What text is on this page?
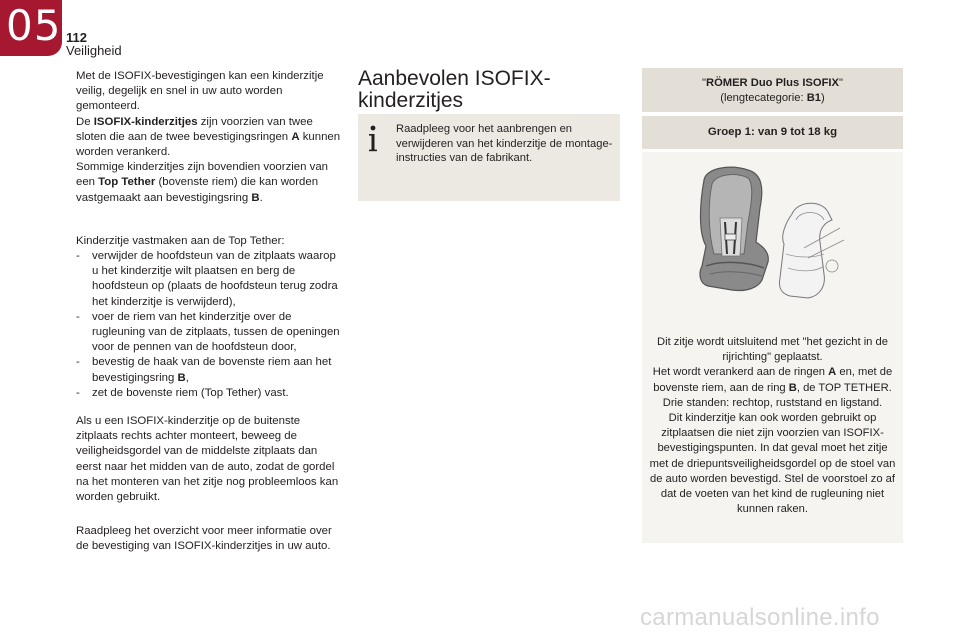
05 112
Veiligheid

Met de ISOFIX-bevestigingen kan een kinderzitje veilig, degelijk en snel in uw auto worden gemonteerd.
De ISOFIX-kinderzitjes zijn voorzien van twee sloten die aan de twee bevestigingsringen A kunnen worden verankerd.
Sommige kinderzitjes zijn bovendien voorzien van een Top Tether (bovenste riem) die kan worden vastgemaakt aan bevestigingsring B.

Kinderzitje vastmaken aan de Top Tether:
- verwijder de hoofdsteun van de zitplaats waarop u het kinderzitje wilt plaatsen en berg de hoofdsteun op (plaats de hoofdsteun terug zodra het kinderzitje is verwijderd),
- voer de riem van het kinderzitje over de rugleuning van de zitplaats, tussen de openingen voor de pennen van de hoofdsteun door,
- bevestig de haak van de bovenste riem aan het bevestigingsring B,
- zet de bovenste riem (Top Tether) vast.

Als u een ISOFIX-kinderzitje op de buitenste zitplaats rechts achter monteert, beweeg de veiligheidsgordel van de middelste zitplaats dan eerst naar het midden van de auto, zodat de gordel na het monteren van het zitje nog probleemloos kan worden gebruikt.

Raadpleeg het overzicht voor meer informatie over de bevestiging van ISOFIX-kinderzitjes in uw auto.

Aanbevolen ISOFIX-kinderzitjes
Raadpleeg voor het aanbrengen en verwijderen van het kinderzitje de montage-instructies van de fabrikant.
"RÖMER Duo Plus ISOFIX"
(lengtecategorie: B1)
Groep 1: van 9 tot 18 kg
Dit zitje wordt uitsluitend met "het gezicht in de rijrichting" geplaatst.
Het wordt verankerd aan de ringen A en, met de bovenste riem, aan de ring B, de TOP TETHER.
Drie standen: rechtop, ruststand en ligstand.
Dit kinderzitje kan ook worden gebruikt op zitplaatsen die niet zijn voorzien van ISOFIX-bevestigingspunten. In dat geval moet het zitje met de driepuntsveiligheidsgordel op de stoel van de auto worden bevestigd. Stel de voorstoel zo af dat de voeten van het kind de rugleuning niet kunnen raken.
carmanualsonline.info
